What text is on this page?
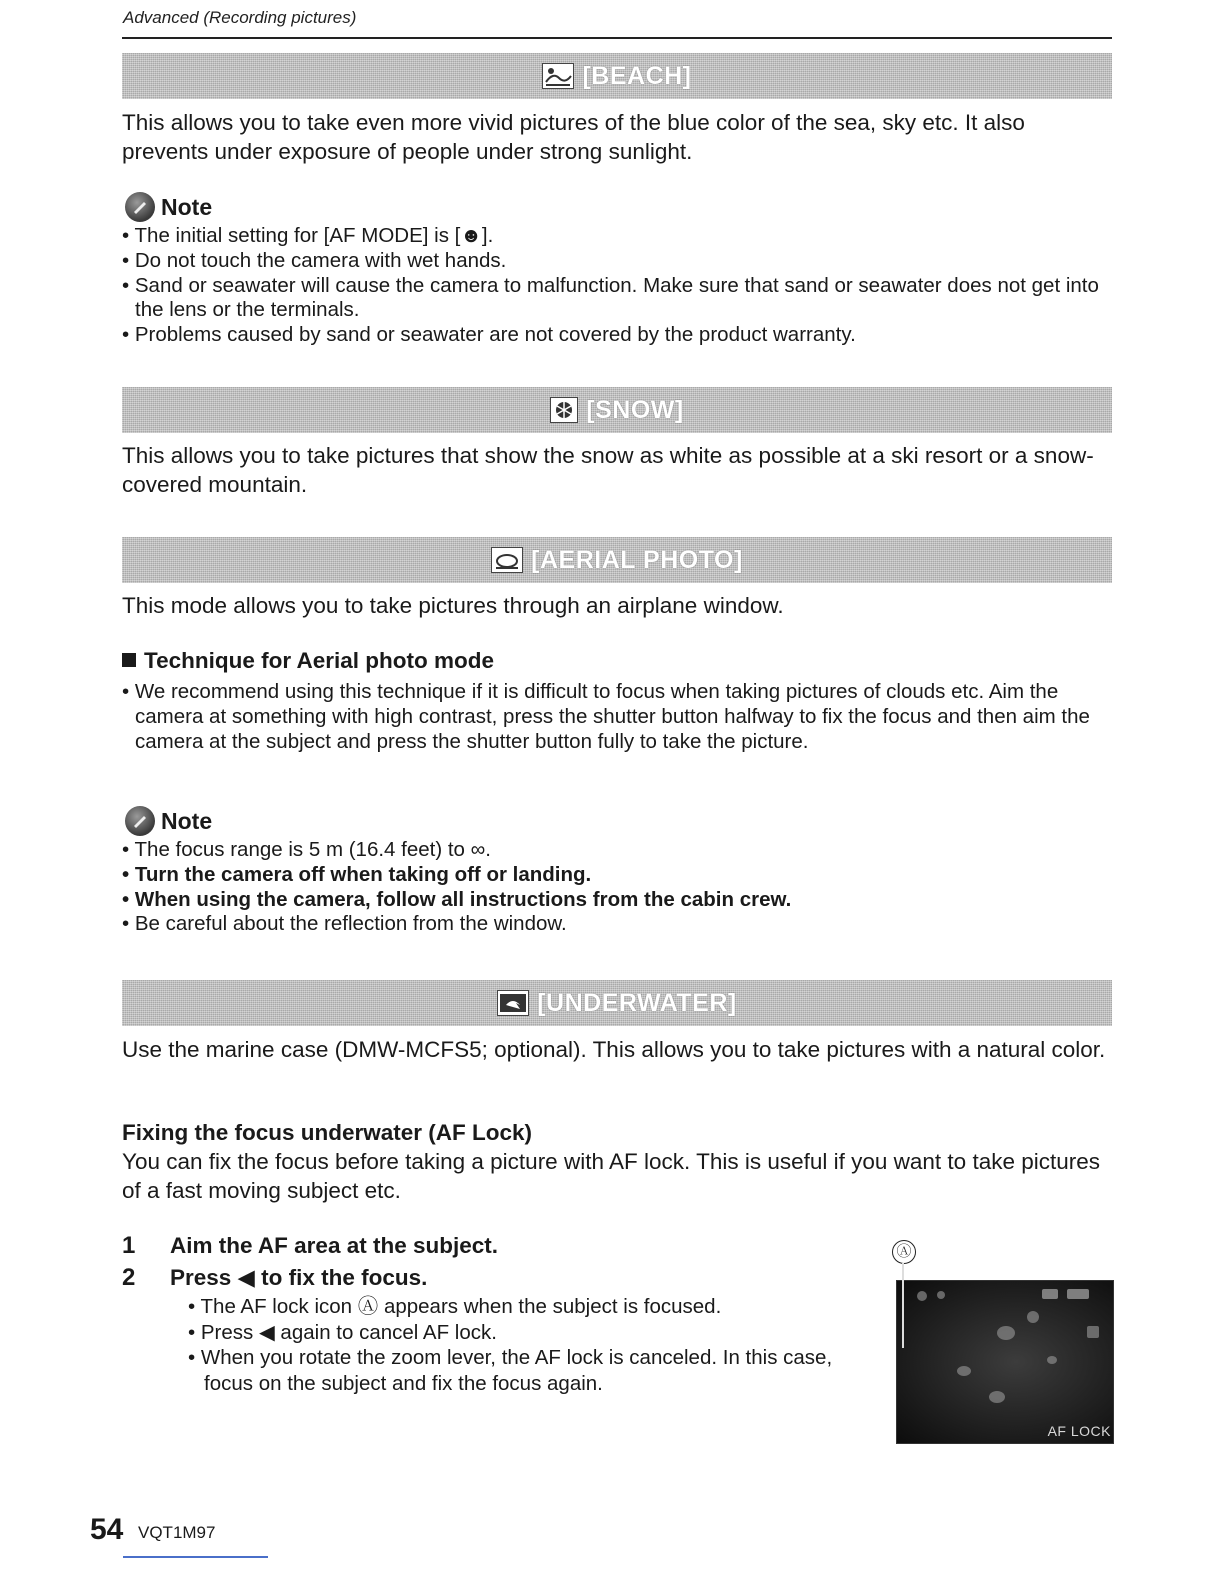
Advanced (Recording pictures)
[BEACH]
This allows you to take even more vivid pictures of the blue color of the sea, sky etc. It also prevents under exposure of people under strong sunlight.
Note
• The initial setting for [AF MODE] is [☻].
• Do not touch the camera with wet hands.
• Sand or seawater will cause the camera to malfunction. Make sure that sand or seawater does not get into the lens or the terminals.
• Problems caused by sand or seawater are not covered by the product warranty.
[SNOW]
This allows you to take pictures that show the snow as white as possible at a ski resort or a snow-covered mountain.
[AERIAL PHOTO]
This mode allows you to take pictures through an airplane window.
Technique for Aerial photo mode
• We recommend using this technique if it is difficult to focus when taking pictures of clouds etc. Aim the camera at something with high contrast, press the shutter button halfway to fix the focus and then aim the camera at the subject and press the shutter button fully to take the picture.
Note
• The focus range is 5 m (16.4 feet) to ∞.
• Turn the camera off when taking off or landing.
• When using the camera, follow all instructions from the cabin crew.
• Be careful about the reflection from the window.
[UNDERWATER]
Use the marine case (DMW-MCFS5; optional). This allows you to take pictures with a natural color.
Fixing the focus underwater (AF Lock)
You can fix the focus before taking a picture with AF lock. This is useful if you want to take pictures of a fast moving subject etc.
1	Aim the AF area at the subject.
2	Press ◀ to fix the focus.
• The AF lock icon Ⓐ appears when the subject is focused.
• Press ◀ again to cancel AF lock.
• When you rotate the zoom lever, the AF lock is canceled. In this case, focus on the subject and fix the focus again.
Ⓐ
AF LOCK
54 VQT1M97
